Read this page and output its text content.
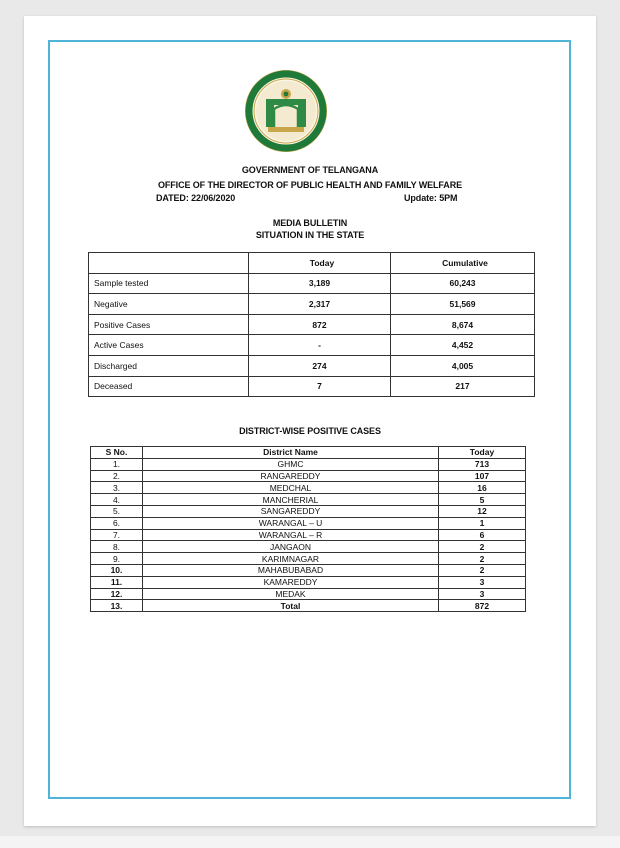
GOVERNMENT OF TELANGANA
OFFICE OF THE DIRECTOR OF PUBLIC HEALTH AND FAMILY WELFARE
DATED: 22/06/2020	Update: 5PM
MEDIA BULLETIN
SITUATION IN THE STATE
	Today	Cumulative
Sample tested	3,189	60,243
Negative	2,317	51,569
Positive Cases	872	8,674
Active Cases	-	4,452
Discharged	274	4,005
Deceased	7	217
DISTRICT-WISE POSITIVE CASES
S No.	District Name	Today
1.	GHMC	713
2.	RANGAREDDY	107
3.	MEDCHAL	16
4.	MANCHERIAL	5
5.	SANGAREDDY	12
6.	WARANGAL – U	1
7.	WARANGAL – R	6
8.	JANGAON	2
9.	KARIMNAGAR	2
10.	MAHABUBABAD	2
11.	KAMAREDDY	3
12.	MEDAK	3
13.	Total	872
